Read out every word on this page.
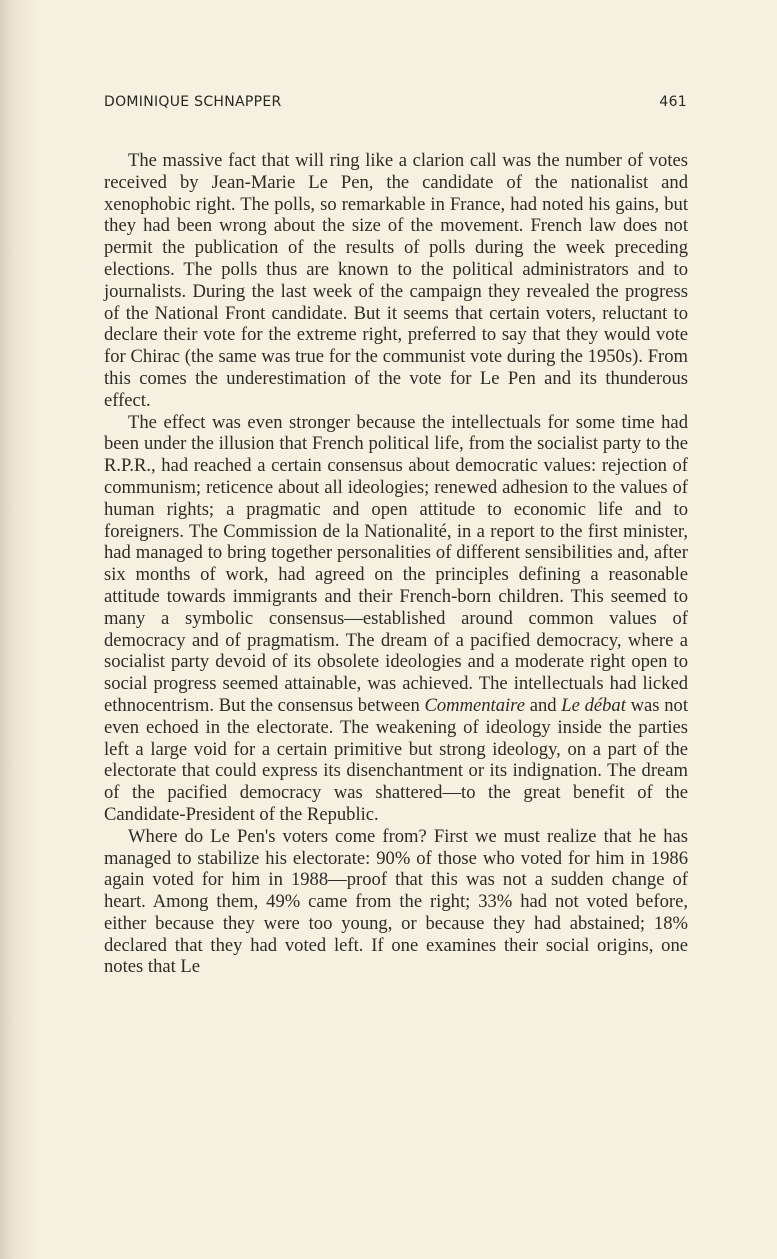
DOMINIQUE SCHNAPPER	461

The massive fact that will ring like a clarion call was the number of votes received by Jean-Marie Le Pen, the candidate of the nationalist and xenophobic right. The polls, so remarkable in France, had noted his gains, but they had been wrong about the size of the movement. French law does not permit the publication of the results of polls during the week preceding elections. The polls thus are known to the political administrators and to journalists. During the last week of the campaign they revealed the progress of the National Front candidate. But it seems that certain voters, reluctant to declare their vote for the extreme right, preferred to say that they would vote for Chirac (the same was true for the communist vote during the 1950s). From this comes the underestimation of the vote for Le Pen and its thunderous effect.

The effect was even stronger because the intellectuals for some time had been under the illusion that French political life, from the socialist party to the R.P.R., had reached a certain consensus about democratic values: rejection of communism; reticence about all ideologies; renewed adhesion to the values of human rights; a pragmatic and open attitude to economic life and to foreigners. The Commission de la Nationalité, in a report to the first minister, had managed to bring together personalities of different sensibilities and, after six months of work, had agreed on the principles defining a reasonable attitude towards immigrants and their French-born children. This seemed to many a symbolic consensus—established around common values of democracy and of pragmatism. The dream of a pacified democracy, where a socialist party devoid of its obsolete ideologies and a moderate right open to social progress seemed attainable, was achieved. The intellectuals had licked ethnocentrism. But the consensus between Commentaire and Le débat was not even echoed in the electorate. The weakening of ideology inside the parties left a large void for a certain primitive but strong ideology, on a part of the electorate that could express its disenchantment or its indignation. The dream of the pacified democracy was shattered—to the great benefit of the Candidate-President of the Republic.

Where do Le Pen's voters come from? First we must realize that he has managed to stabilize his electorate: 90% of those who voted for him in 1986 again voted for him in 1988—proof that this was not a sudden change of heart. Among them, 49% came from the right; 33% had not voted before, either because they were too young, or because they had abstained; 18% declared that they had voted left. If one examines their social origins, one notes that Le
